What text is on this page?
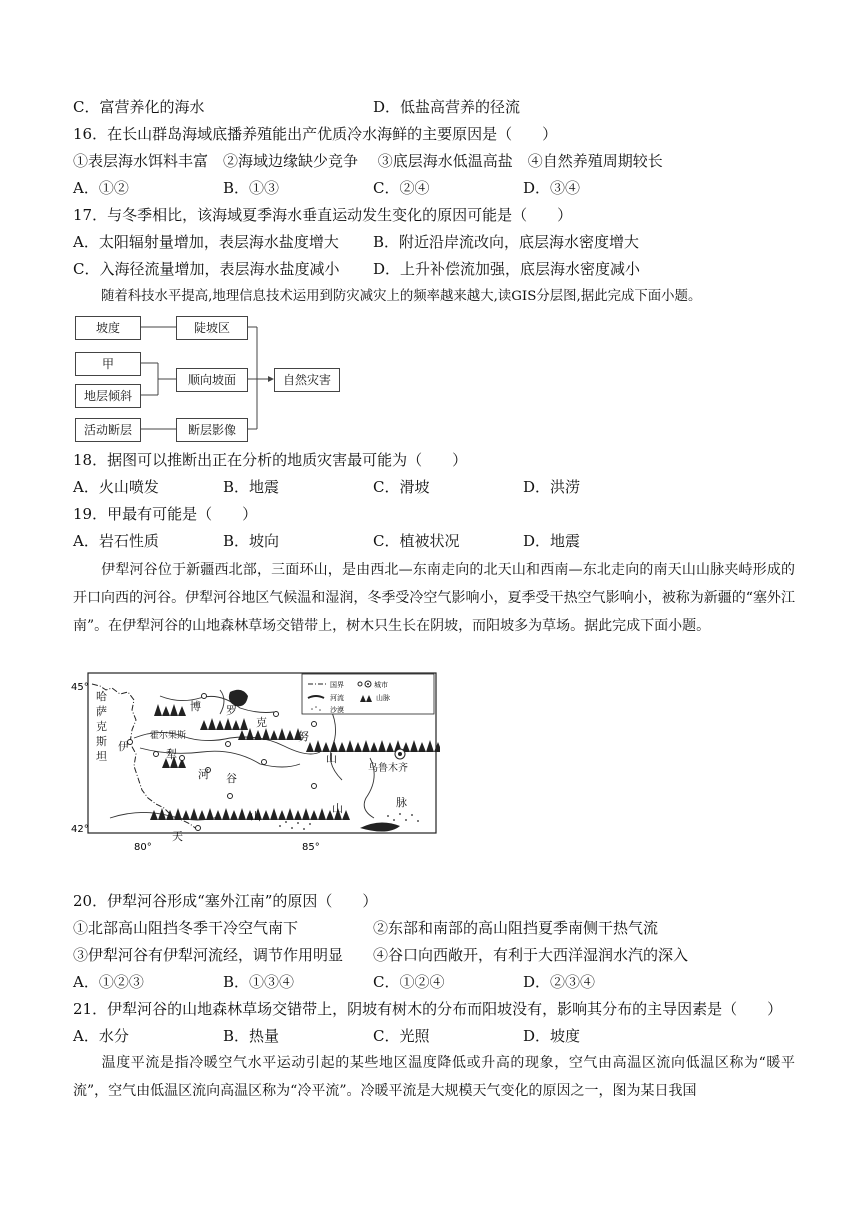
C．富营养化的海水	D．低盐高营养的径流
16．在长山群岛海域底播养殖能出产优质冷水海鲜的主要原因是（　　）
①表层海水饵料丰富　②海域边缘缺少竞争　 ③底层海水低温高盐　④自然养殖周期较长
A．①②	B．①③	C．②④	D．③④
17．与冬季相比，该海域夏季海水垂直运动发生变化的原因可能是（　　）
A．太阳辐射量增加，表层海水盐度增大 B．附近沿岸流改向，底层海水密度增大
C．入海径流量增加，表层海水盐度减小 D．上升补偿流加强，底层海水密度减小
随着科技水平提高,地理信息技术运用到防灾减灾上的频率越来越大,读GIS分层图,据此完成下面小题。
坡度
甲
地层倾斜
活动断层
陡坡区
顺向坡面
断层影像
自然灾害
18．据图可以推断出正在分析的地质灾害最可能为（　　）
A．火山喷发	B．地震	C．滑坡	D．洪涝
19．甲最有可能是（　　）
A．岩石性质	B．坡向	C．植被状况	D．地震
伊犁河谷位于新疆西北部，三面环山，是由西北—东南走向的北天山和西南—东北走向的南天山山脉夹峙形成的开口向西的河谷。伊犁河谷地区气候温和湿润，冬季受冷空气影响小，夏季受干热空气影响小，被称为新疆的“塞外江南”。在伊犁河谷的山地森林草场交错带上，树木只生长在阴坡，而阳坡多为草场。据此完成下面小题。
45°
42°
80°	85°
哈
萨
克
斯
坦
博 罗
克
努
霍尔果斯
伊
犁
河 谷
山
山	脉
天
山
乌鲁木齐
国界	城市
河流	山脉
沙漠
20．伊犁河谷形成“塞外江南”的原因（　　）
①北部高山阻挡冬季干冷空气南下	②东部和南部的高山阻挡夏季南侧干热气流
③伊犁河谷有伊犁河流经，调节作用明显 ④谷口向西敞开，有利于大西洋湿润水汽的深入
A．①②③	B．①③④	C．①②④	D．②③④
21．伊犁河谷的山地森林草场交错带上，阴坡有树木的分布而阳坡没有，影响其分布的主导因素是（　　）
A．水分	B．热量	C．光照	D．坡度
温度平流是指冷暖空气水平运动引起的某些地区温度降低或升高的现象，空气由高温区流向低温区称为“暖平流”，空气由低温区流向高温区称为“冷平流”。冷暖平流是大规模天气变化的原因之一，图为某日我国
